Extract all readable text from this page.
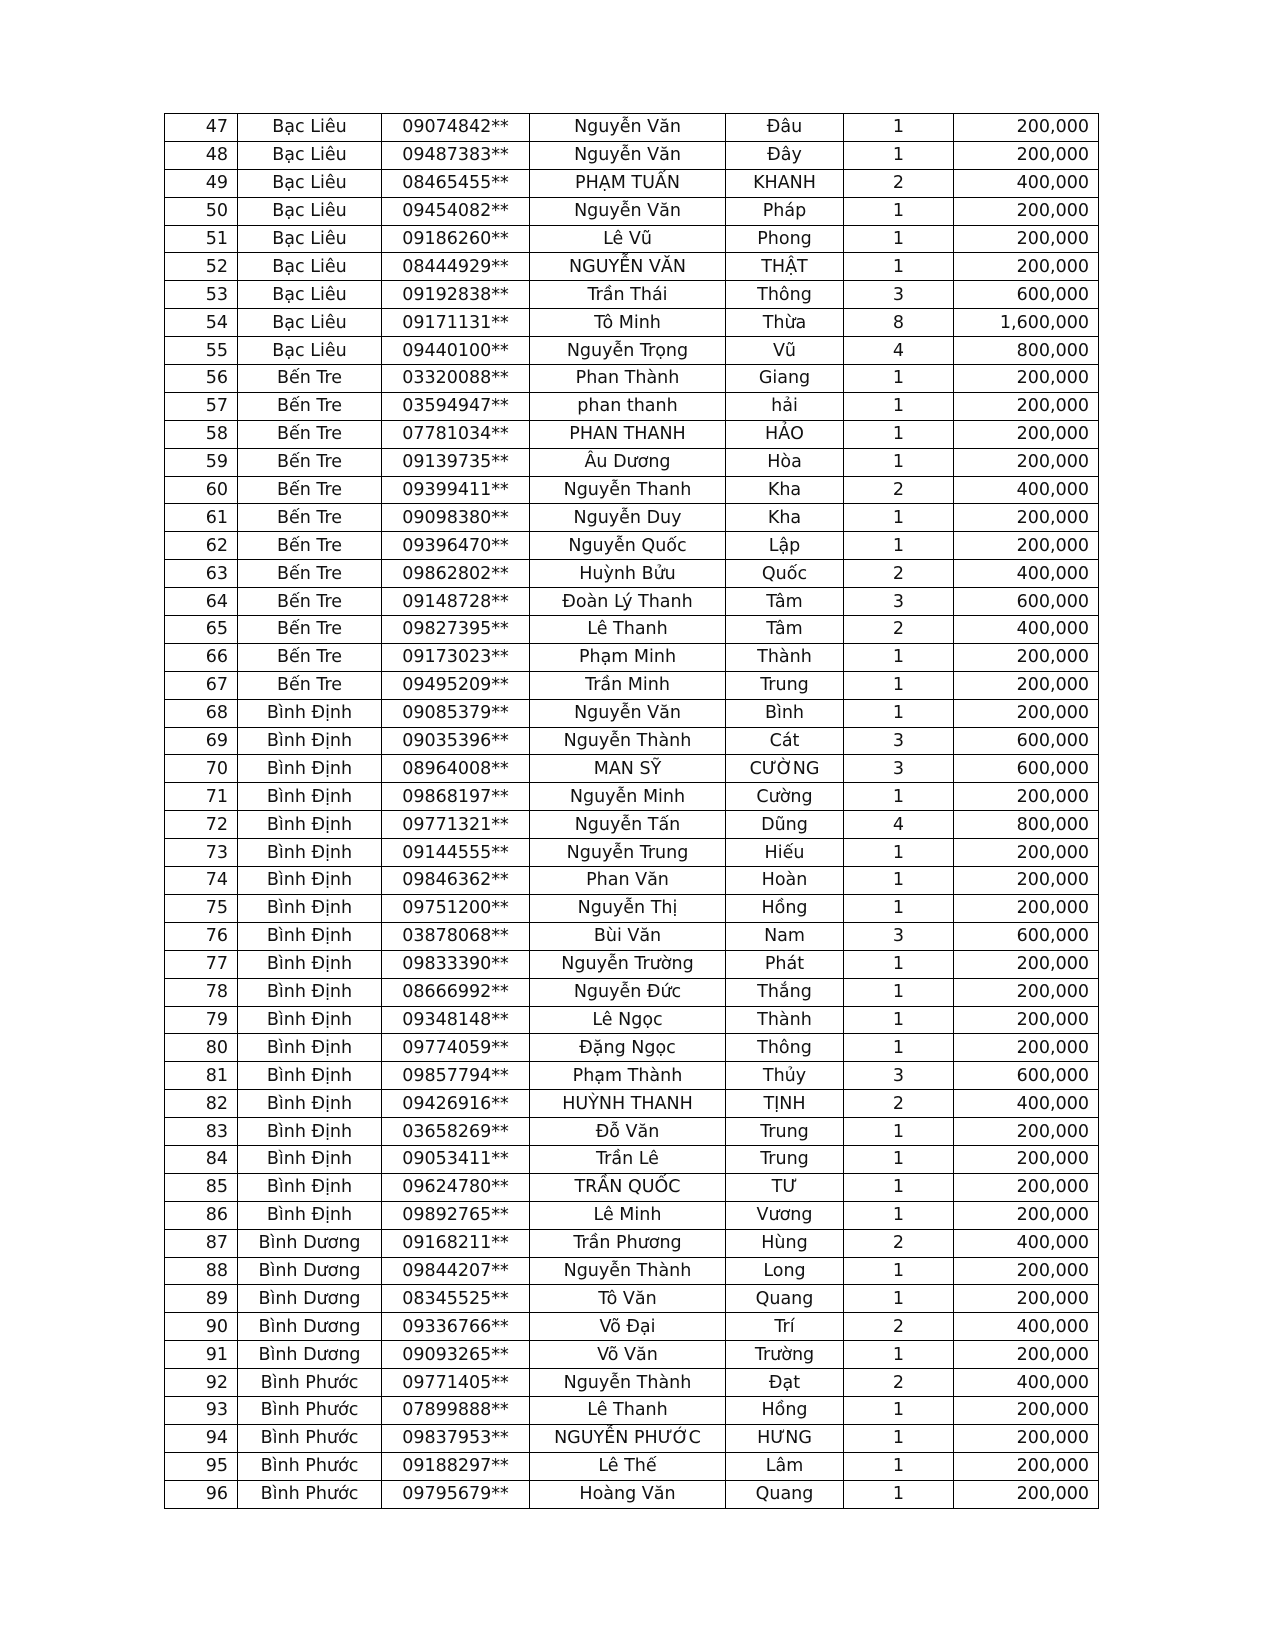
47	Bạc Liêu	09074842**	Nguyễn Văn	Đâu	1	200,000
48	Bạc Liêu	09487383**	Nguyễn Văn	Đây	1	200,000
49	Bạc Liêu	08465455**	PHẠM TUẤN	KHANH	2	400,000
50	Bạc Liêu	09454082**	Nguyễn Văn	Pháp	1	200,000
51	Bạc Liêu	09186260**	Lê Vũ	Phong	1	200,000
52	Bạc Liêu	08444929**	NGUYỄN VĂN	THẬT	1	200,000
53	Bạc Liêu	09192838**	Trần Thái	Thông	3	600,000
54	Bạc Liêu	09171131**	Tô Minh	Thừa	8	1,600,000
55	Bạc Liêu	09440100**	Nguyễn Trọng	Vũ	4	800,000
56	Bến Tre	03320088**	Phan Thành	Giang	1	200,000
57	Bến Tre	03594947**	phan thanh	hải	1	200,000
58	Bến Tre	07781034**	PHAN THANH	HẢO	1	200,000
59	Bến Tre	09139735**	Âu Dương	Hòa	1	200,000
60	Bến Tre	09399411**	Nguyễn Thanh	Kha	2	400,000
61	Bến Tre	09098380**	Nguyễn Duy	Kha	1	200,000
62	Bến Tre	09396470**	Nguyễn Quốc	Lập	1	200,000
63	Bến Tre	09862802**	Huỳnh Bửu	Quốc	2	400,000
64	Bến Tre	09148728**	Đoàn Lý Thanh	Tâm	3	600,000
65	Bến Tre	09827395**	Lê Thanh	Tâm	2	400,000
66	Bến Tre	09173023**	Phạm Minh	Thành	1	200,000
67	Bến Tre	09495209**	Trần Minh	Trung	1	200,000
68	Bình Định	09085379**	Nguyễn Văn	Bình	1	200,000
69	Bình Định	09035396**	Nguyễn Thành	Cát	3	600,000
70	Bình Định	08964008**	MAN SỸ	CƯỜNG	3	600,000
71	Bình Định	09868197**	Nguyễn Minh	Cường	1	200,000
72	Bình Định	09771321**	Nguyễn Tấn	Dũng	4	800,000
73	Bình Định	09144555**	Nguyễn Trung	Hiếu	1	200,000
74	Bình Định	09846362**	Phan Văn	Hoàn	1	200,000
75	Bình Định	09751200**	Nguyễn Thị	Hồng	1	200,000
76	Bình Định	03878068**	Bùi Văn	Nam	3	600,000
77	Bình Định	09833390**	Nguyễn Trường	Phát	1	200,000
78	Bình Định	08666992**	Nguyễn Đức	Thắng	1	200,000
79	Bình Định	09348148**	Lê Ngọc	Thành	1	200,000
80	Bình Định	09774059**	Đặng Ngọc	Thông	1	200,000
81	Bình Định	09857794**	Phạm Thành	Thủy	3	600,000
82	Bình Định	09426916**	HUỲNH THANH	TỊNH	2	400,000
83	Bình Định	03658269**	Đỗ Văn	Trung	1	200,000
84	Bình Định	09053411**	Trần Lê	Trung	1	200,000
85	Bình Định	09624780**	TRẦN QUỐC	TƯ	1	200,000
86	Bình Định	09892765**	Lê Minh	Vương	1	200,000
87	Bình Dương	09168211**	Trần Phương	Hùng	2	400,000
88	Bình Dương	09844207**	Nguyễn Thành	Long	1	200,000
89	Bình Dương	08345525**	Tô Văn	Quang	1	200,000
90	Bình Dương	09336766**	Võ Đại	Trí	2	400,000
91	Bình Dương	09093265**	Võ Văn	Trường	1	200,000
92	Bình Phước	09771405**	Nguyễn Thành	Đạt	2	400,000
93	Bình Phước	07899888**	Lê Thanh	Hồng	1	200,000
94	Bình Phước	09837953**	NGUYỄN PHƯỚC	HƯNG	1	200,000
95	Bình Phước	09188297**	Lê Thế	Lâm	1	200,000
96	Bình Phước	09795679**	Hoàng Văn	Quang	1	200,000
